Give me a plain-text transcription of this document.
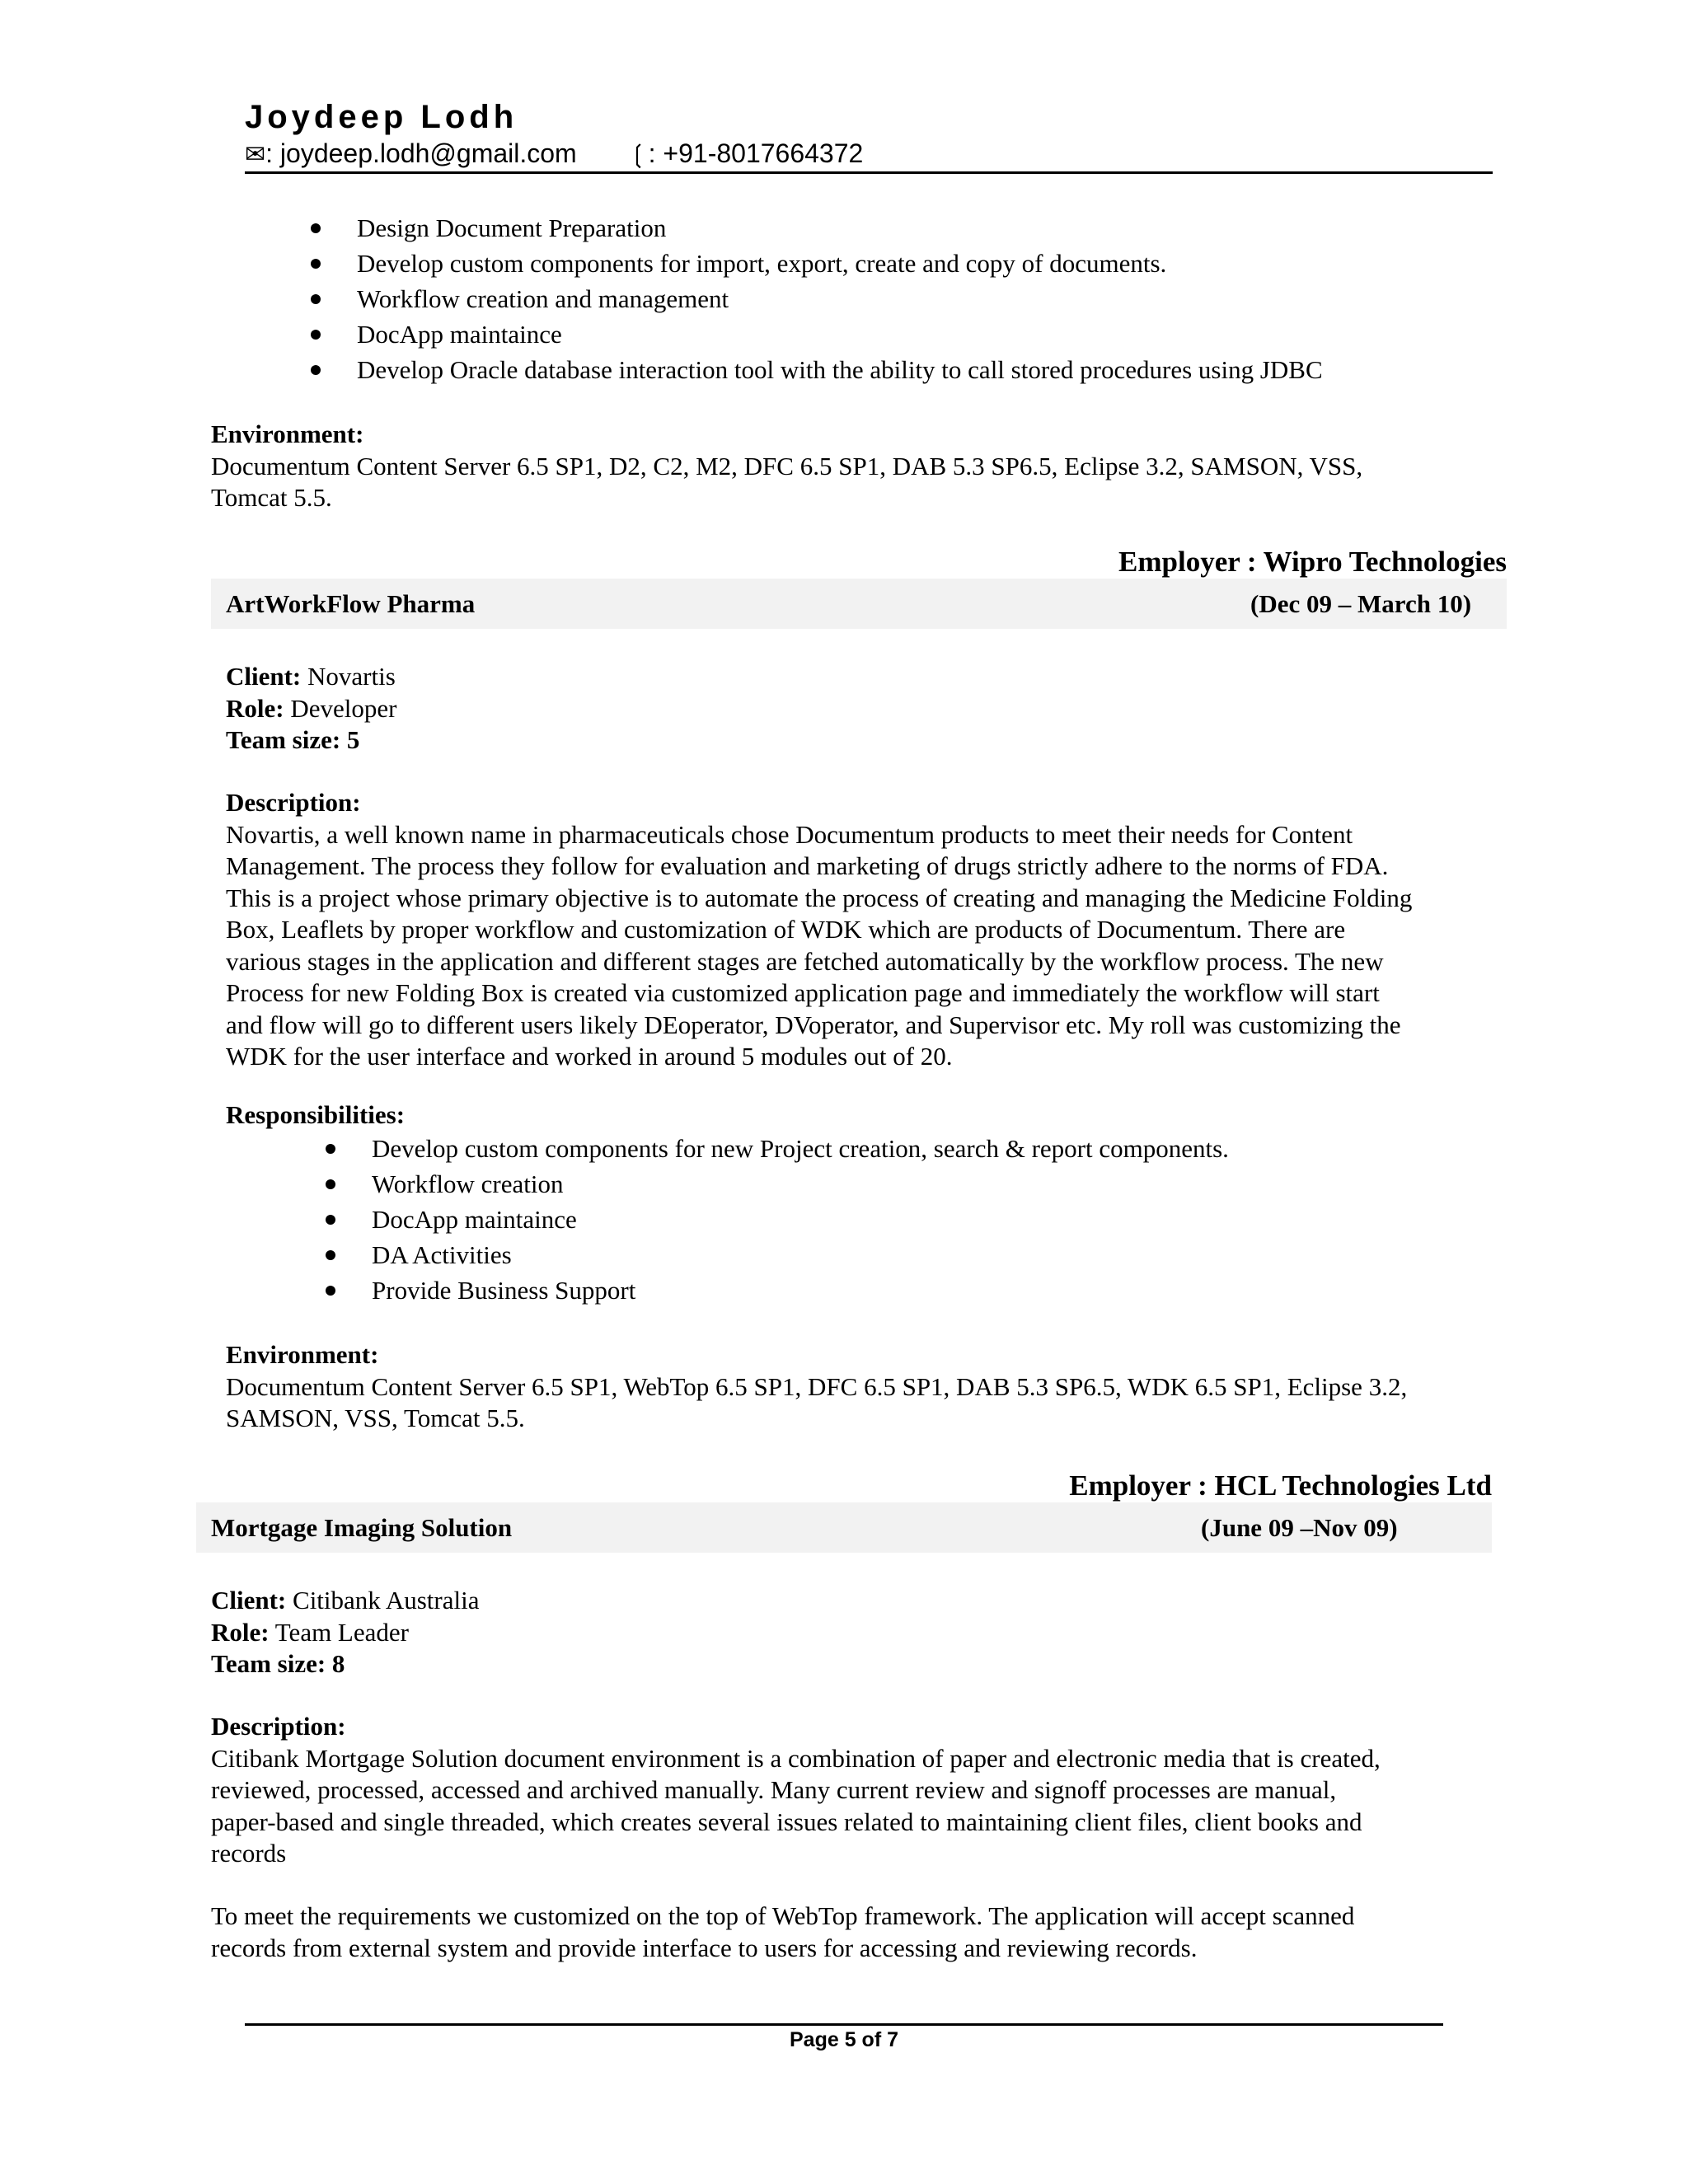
Joydeep Lodh
✉: joydeep.lodh@gmail.com ❲: +91-8017664372
Design Document Preparation
Develop custom components for import, export, create and copy of documents.
Workflow creation and management
DocApp maintaince
Develop Oracle database interaction tool with the ability to call stored procedures using JDBC
Environment:
Documentum Content Server 6.5 SP1, D2, C2, M2, DFC 6.5 SP1, DAB 5.3 SP6.5, Eclipse 3.2, SAMSON, VSS,
Tomcat 5.5.
Employer : Wipro Technologies
ArtWorkFlow Pharma	(Dec 09 – March 10)
Client: Novartis
Role: Developer
Team size: 5
Description:
Novartis, a well known name in pharmaceuticals chose Documentum products to meet their needs for Content
Management. The process they follow for evaluation and marketing of drugs strictly adhere to the norms of FDA.
This is a project whose primary objective is to automate the process of creating and managing the Medicine Folding
Box, Leaflets by proper workflow and customization of WDK which are products of Documentum. There are
various stages in the application and different stages are fetched automatically by the workflow process. The new
Process for new Folding Box is created via customized application page and immediately the workflow will start
and flow will go to different users likely DEoperator, DVoperator, and Supervisor etc. My roll was customizing the
WDK for the user interface and worked in around 5 modules out of 20.
Responsibilities:
Develop custom components for new Project creation, search & report components.
Workflow creation
DocApp maintaince
DA Activities
Provide Business Support
Environment:
Documentum Content Server 6.5 SP1, WebTop 6.5 SP1, DFC 6.5 SP1, DAB 5.3 SP6.5, WDK 6.5 SP1, Eclipse 3.2,
SAMSON, VSS, Tomcat 5.5.
Employer : HCL Technologies Ltd
Mortgage Imaging Solution	(June 09 –Nov 09)
Client: Citibank Australia
Role: Team Leader
Team size: 8
Description:
Citibank Mortgage Solution document environment is a combination of paper and electronic media that is created,
reviewed, processed, accessed and archived manually. Many current review and signoff processes are manual,
paper-based and single threaded, which creates several issues related to maintaining client files, client books and
records
To meet the requirements we customized on the top of WebTop framework. The application will accept scanned
records from external system and provide interface to users for accessing and reviewing records.
Page 5 of 7
